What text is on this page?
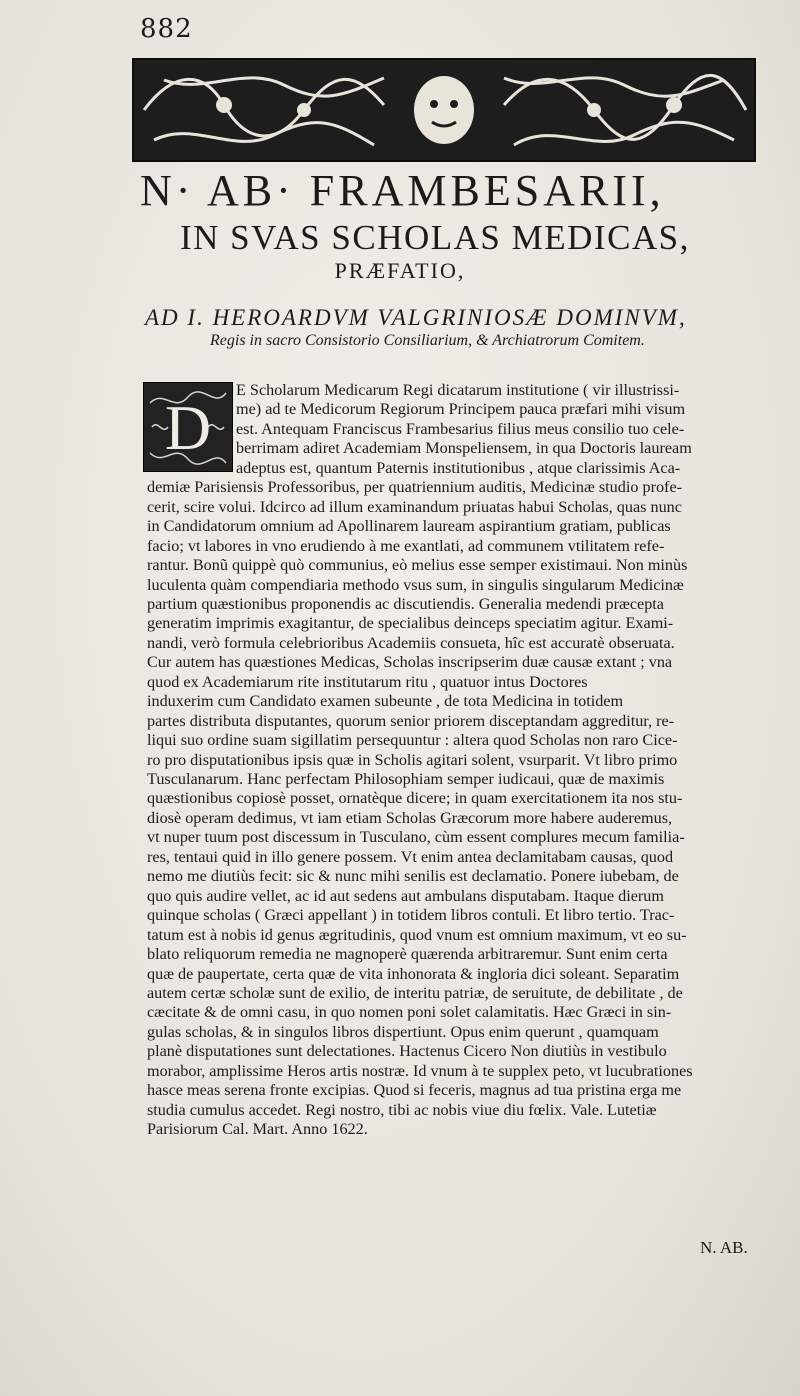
882
N· AB· FRAMBESARII,
IN SVAS SCHOLAS MEDICAS,
PRÆFATIO,
AD I. HEROARDVM VALGRINIOSÆ DOMINVM,
Regis in sacro Consistorio Consiliarium, & Archiatrorum Comitem.
D
E Scholarum Medicarum Regi dicatarum institutione ( vir illustrissi-
me) ad te Medicorum Regiorum Principem pauca præfari mihi visum
est. Antequam Franciscus Frambesarius filius meus consilio tuo cele-
berrimam adiret Academiam Monspeliensem, in qua Doctoris lauream
adeptus est, quantum Paternis institutionibus , atque clarissimis Aca-
demiæ Parisiensis Professoribus, per quatriennium auditis, Medicinæ studio profe-
cerit, scire volui. Idcirco ad illum examinandum priuatas habui Scholas, quas nunc
in Candidatorum omnium ad Apollinarem lauream aspirantium gratiam, publicas
facio; vt labores in vno erudiendo à me exantlati, ad communem vtilitatem refe-
rantur. Bonũ quippè quò communius, eò melius esse semper existimaui. Non minùs
luculenta quàm compendiaria methodo vsus sum, in singulis singularum Medicinæ
partium quæstionibus proponendis ac discutiendis. Generalia medendi præcepta
generatim imprimis exagitantur, de specialibus deinceps speciatim agitur. Exami-
nandi, verò formula celebrioribus Academiis consueta, hîc est accuratè obseruata.
Cur autem has quæstiones Medicas, Scholas inscripserim duæ causæ extant ; vna
quod ex Academiarum rite institutarum ritu , quatuor intus Doctores
induxerim cum Candidato examen subeunte , de tota Medicina in totidem
partes distributa disputantes, quorum senior priorem disceptandam aggreditur, re-
liqui suo ordine suam sigillatim persequuntur : altera quod Scholas non raro Cice-
ro pro disputationibus ipsis quæ in Scholis agitari solent, vsurparit. Vt libro primo
Tusculanarum. Hanc perfectam Philosophiam semper iudicaui, quæ de maximis
quæstionibus copiosè posset, ornatèque dicere; in quam exercitationem ita nos stu-
diosè operam dedimus, vt iam etiam Scholas Græcorum more habere auderemus,
vt nuper tuum post discessum in Tusculano, cùm essent complures mecum familia-
res, tentaui quid in illo genere possem. Vt enim antea declamitabam causas, quod
nemo me diutiùs fecit: sic & nunc mihi senilis est declamatio. Ponere iubebam, de
quo quis audire vellet, ac id aut sedens aut ambulans disputabam. Itaque dierum
quinque scholas ( Græci appellant ) in totidem libros contuli. Et libro tertio. Trac-
tatum est à nobis id genus ægritudinis, quod vnum est omnium maximum, vt eo su-
blato reliquorum remedia ne magnoperè quærenda arbitraremur. Sunt enim certa
quæ de paupertate, certa quæ de vita inhonorata & ingloria dici soleant. Separatim
autem certæ scholæ sunt de exilio, de interitu patriæ, de seruitute, de debilitate , de
cæcitate & de omni casu, in quo nomen poni solet calamitatis. Hæc Græci in sin-
gulas scholas, & in singulos libros dispertiunt. Opus enim querunt , quamquam
planè disputationes sunt delectationes. Hactenus Cicero Non diutiùs in vestibulo
morabor, amplissime Heros artis nostræ. Id vnum à te supplex peto, vt lucubrationes
hasce meas serena fronte excipias. Quod si feceris, magnus ad tua pristina erga me
studia cumulus accedet. Regi nostro, tibi ac nobis viue diu fœlix. Vale. Lutetiæ
Parisiorum Cal. Mart. Anno 1622.
N. AB.
